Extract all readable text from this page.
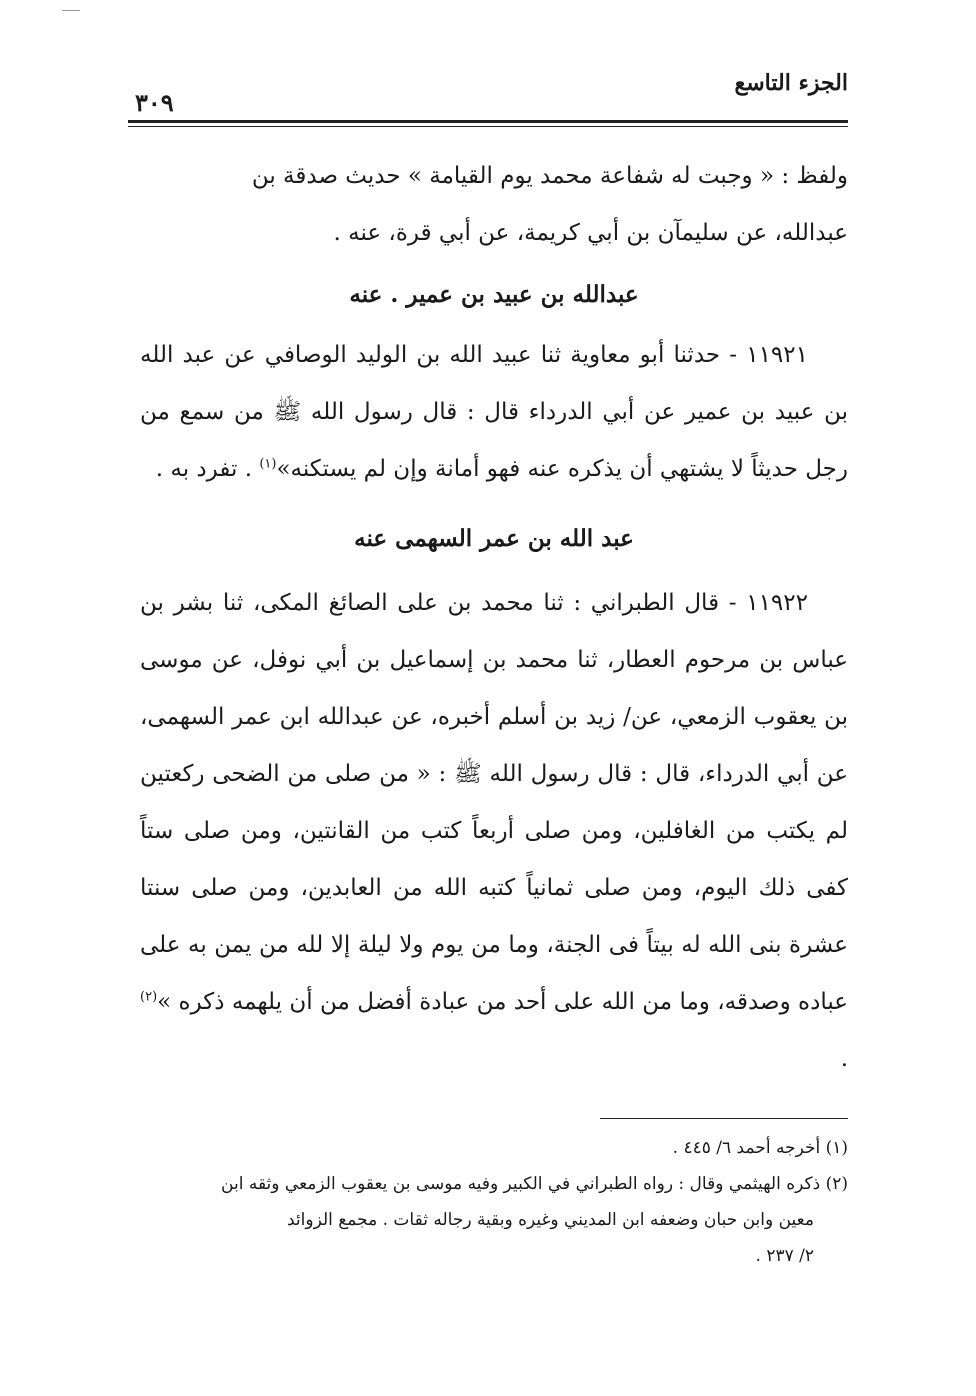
الجزء التاسع
٣٠٩

ولفظ : « وجبت له شفاعة محمد يوم القيامة » حديث صدقة بن

عبدالله، عن سليمآن بن أبي كريمة، عن أبي قرة، عنه .

عبدالله بن عبيد بن عمير . عنه

١١٩٢١ - حدثنا أبو معاوية ثنا عبيد الله بن الوليد الوصافي عن عبد الله بن عبيد بن عمير عن أبي الدرداء قال : قال رسول الله ﷺ من سمع من رجل حديثاً لا يشتهي أن يذكره عنه فهو أمانة وإن لم يستكنه»$^{(١)}$ . تفرد به .

عبد الله بن عمر السهمى عنه

١١٩٢٢ - قال الطبراني : ثنا محمد بن على الصائغ المكى، ثنا بشر بن عباس بن مرحوم العطار، ثنا محمد بن إسماعيل بن أبي نوفل، عن موسى بن يعقوب الزمعي، عن/ زيد بن أسلم أخبره، عن عبدالله ابن عمر السهمى، عن أبي الدرداء، قال : قال رسول الله ﷺ : « من صلى من الضحى ركعتين لم يكتب من الغافلين، ومن صلى أربعاً كتب من القانتين، ومن صلى ستاً كفى ذلك اليوم، ومن صلى ثمانياً كتبه الله من العابدين، ومن صلى سنتا عشرة بنى الله له بيتاً فى الجنة، وما من يوم ولا ليلة إلا لله من يمن به على عباده وصدقه، وما من الله على أحد من عبادة أفضل من أن يلهمه ذكره »$^{(٢)}$ .

(١) أخرجه أحمد ٦/ ٤٤٥ .

(٢) ذكره الهيثمي وقال : رواه الطبراني في الكبير وفيه موسى بن يعقوب الزمعي وثقه ابن

معين وابن حبان وضعفه ابن المديني وغيره وبقية رجاله ثقات . مجمع الزوائد

٢/ ٢٣٧ .
